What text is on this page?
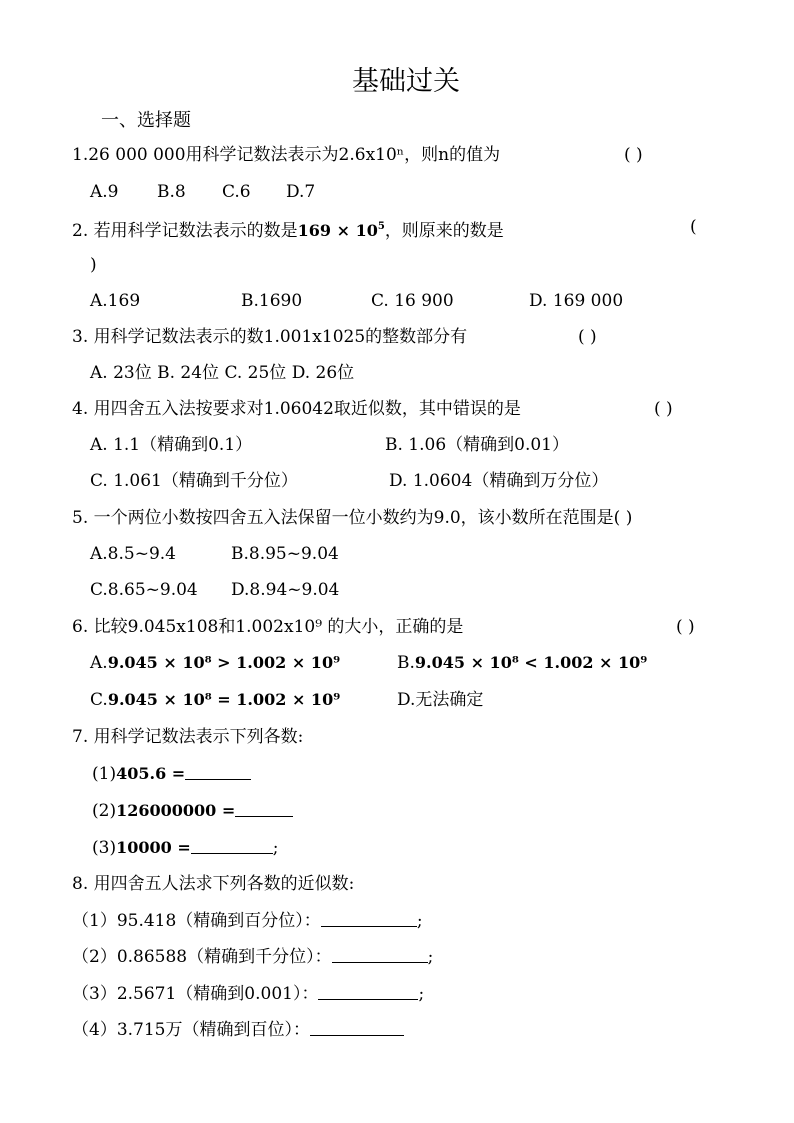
基础过关
一、选择题
1.26 000 000用科学记数法表示为2.6x10ⁿ，则n的值为	( )
A.9 B.8 C.6 D.7
2. 若用科学记数法表示的数是$169 \times 10^5$，则原来的数是	(
)
A.169	B.1690	C. 16 900	D. 169 000
3. 用科学记数法表示的数1.001x1025的整数部分有	( )
A. 23位 B. 24位 C. 25位 D. 26位
4. 用四舍五入法按要求对1.06042取近似数，其中错误的是	( )
A. 1.1（精确到0.1）	B. 1.06（精确到0.01）
C. 1.061（精确到千分位）	D. 1.0604（精确到万分位）
5. 一个两位小数按四舍五入法保留一位小数约为9.0，该小数所在范围是( )
A.8.5~9.4	B.8.95~9.04
C.8.65~9.04 D.8.94~9.04
6. 比较9.045x108和1.002x10⁹ 的大小，正确的是	( )
A.9.045 × 10⁸ > 1.002 × 10⁹	B.9.045 × 10⁸ < 1.002 × 10⁹
C.9.045 × 10⁸ = 1.002 × 10⁹	D.无法确定
7. 用科学记数法表示下列各数:
(1)405.6 =
(2)126000000 =
(3)10000 =	;
8. 用四舍五人法求下列各数的近似数:
（1）95.418（精确到百分位）：	;
（2）0.86588（精确到千分位）：	;
（3）2.5671（精确到0.001）：	;
（4）3.715万（精确到百位）：
